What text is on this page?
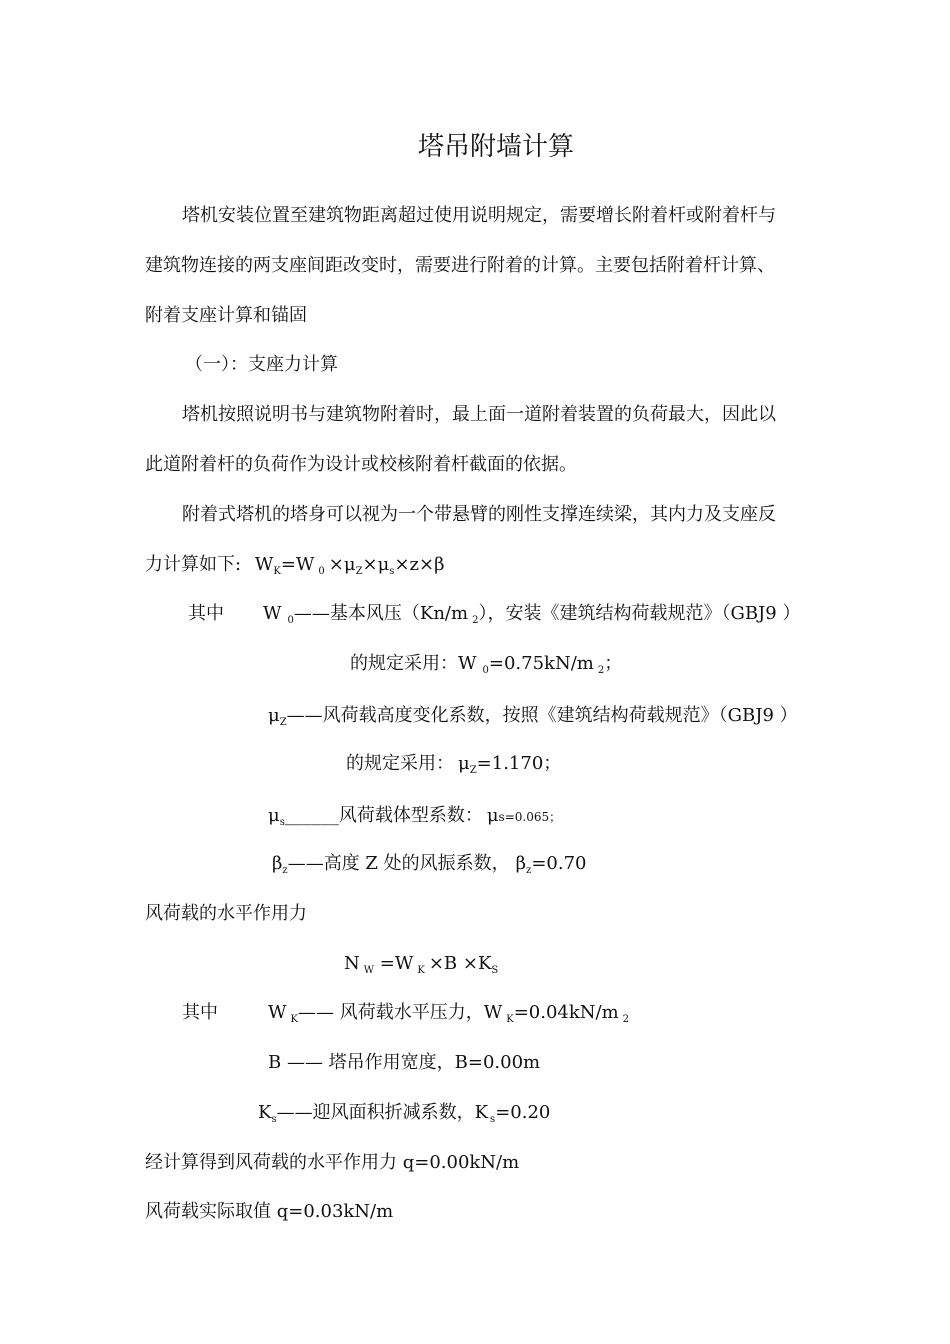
塔吊附墙计算
塔机安装位置至建筑物距离超过使用说明规定，需要增长附着杆或附着杆与
建筑物连接的两支座间距改变时，需要进行附着的计算。主要包括附着杆计算、
附着支座计算和锚固
（一）：支座力计算
塔机按照说明书与建筑物附着时，最上面一道附着装置的负荷最大，因此以
此道附着杆的负荷作为设计或校核附着杆截面的依据。
附着式塔机的塔身可以视为一个带悬臂的刚性支撑连续梁，其内力及支座反
力计算如下: $W_K=W$ $_0 \times\mu_Z\times\mu_s\times z\times\beta$
其中 W $_0$——基本风压（Kn/m $_2$），安装《建筑结构荷载规范》（GBJ9 ）
的规定采用：W $_0$=0.75kN/m $_2$；
$\mu_Z——$风荷载高度变化系数，按照《建筑结构荷载规范》（GBJ9 ）
的规定采用： $\mu_Z=1.170$；
$\mu_s\_\_\_\_\_\_$风荷载体型系数： μs=0.065；
$\beta_z——$高度 Z 处的风振系数， $\beta_z=0.70$
风荷载的水平作用力
N $_W$ =W $_K \times B \times K_S$
其中	W $_K$—— 风荷载水平压力，W $_K$=0.04kN/m $_2$
B —— 塔吊作用宽度，B=0.00m
$K_s——$迎风面积折减系数，K $_s$=0.20
经计算得到风荷载的水平作用力 q=0.00kN/m
风荷载实际取值 q=0.03kN/m
